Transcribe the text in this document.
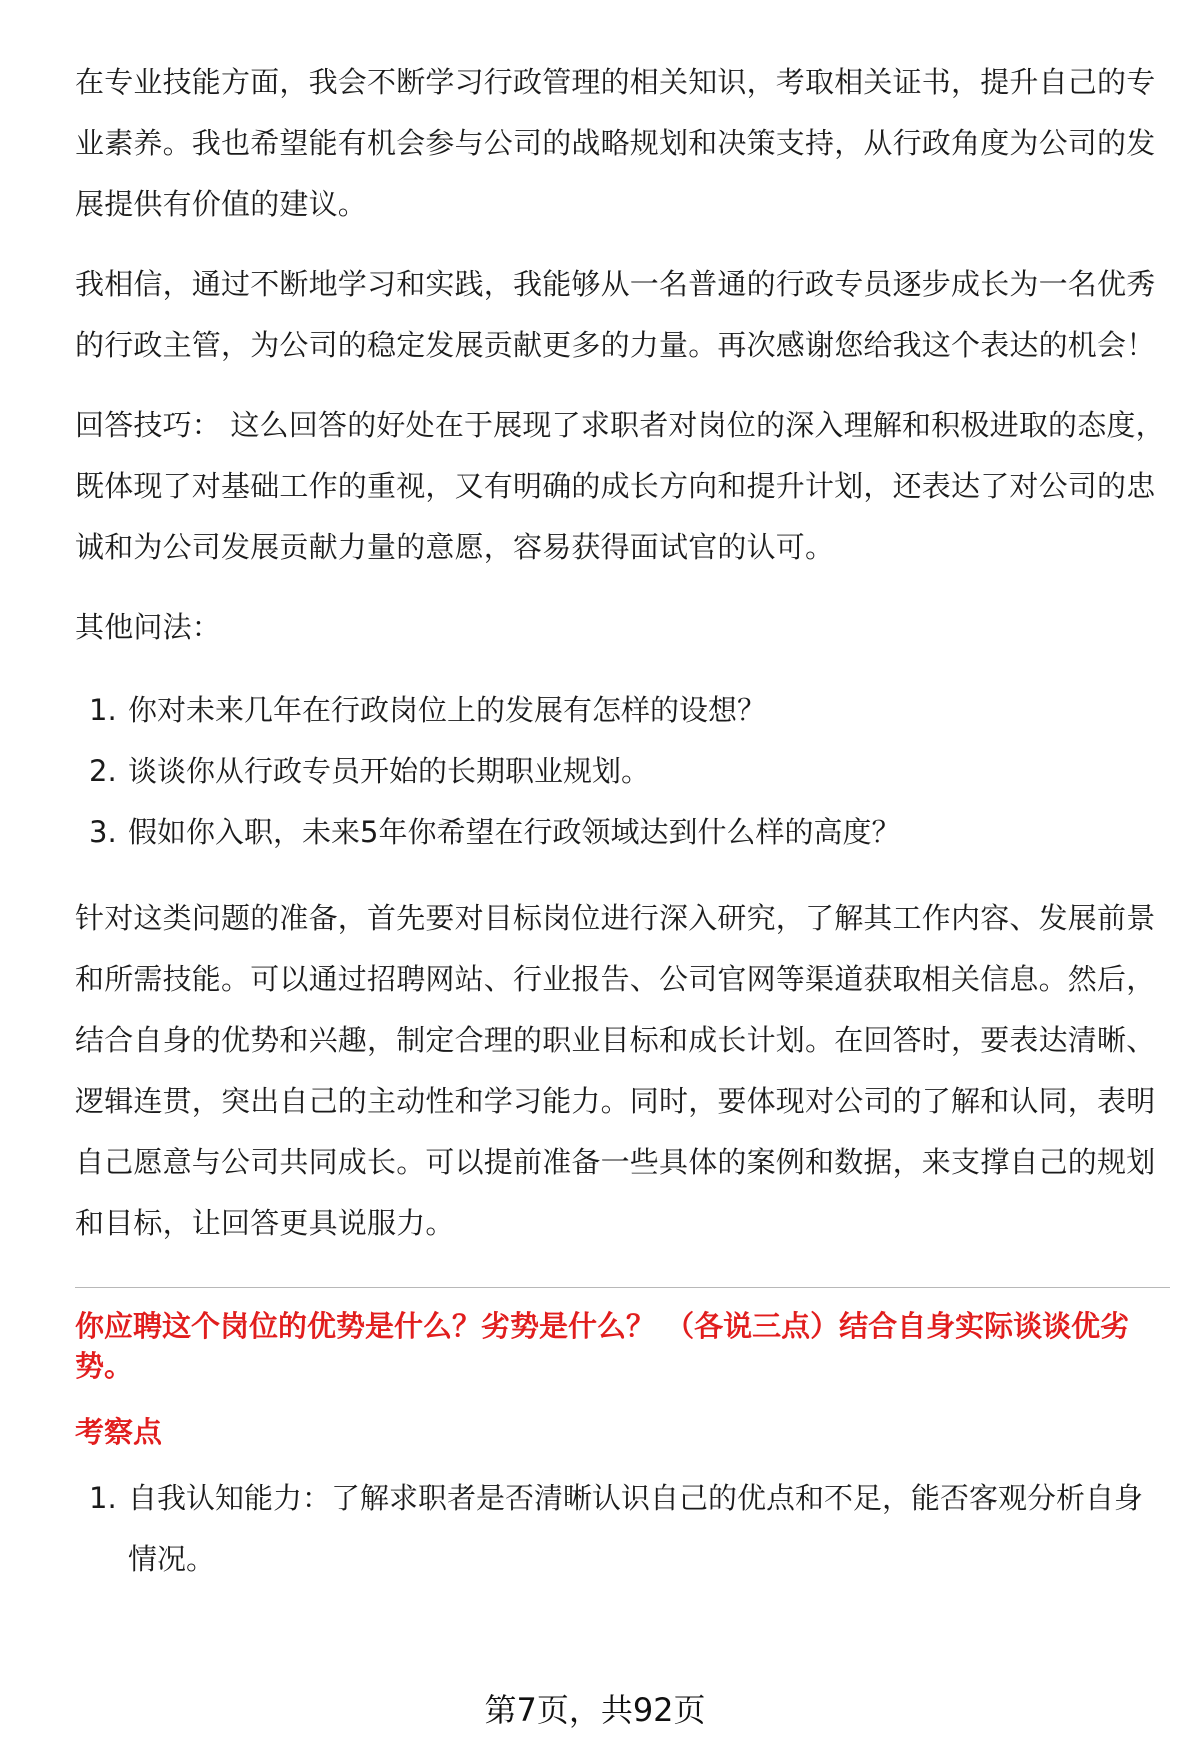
在专业技能方面，我会不断学习行政管理的相关知识，考取相关证书，提升自己的专业素养。我也希望能有机会参与公司的战略规划和决策支持，从行政角度为公司的发展提供有价值的建议。

我相信，通过不断地学习和实践，我能够从一名普通的行政专员逐步成长为一名优秀的行政主管，为公司的稳定发展贡献更多的力量。再次感谢您给我这个表达的机会！

回答技巧： 这么回答的好处在于展现了求职者对岗位的深入理解和积极进取的态度，既体现了对基础工作的重视，又有明确的成长方向和提升计划，还表达了对公司的忠诚和为公司发展贡献力量的意愿，容易获得面试官的认可。

其他问法：

1. 你对未来几年在行政岗位上的发展有怎样的设想？
2. 谈谈你从行政专员开始的长期职业规划。
3. 假如你入职，未来5年你希望在行政领域达到什么样的高度？

针对这类问题的准备，首先要对目标岗位进行深入研究，了解其工作内容、发展前景和所需技能。可以通过招聘网站、行业报告、公司官网等渠道获取相关信息。然后，结合自身的优势和兴趣，制定合理的职业目标和成长计划。在回答时，要表达清晰、逻辑连贯，突出自己的主动性和学习能力。同时，要体现对公司的了解和认同，表明自己愿意与公司共同成长。可以提前准备一些具体的案例和数据，来支撑自己的规划和目标，让回答更具说服力。

你应聘这个岗位的优势是什么？劣势是什么？ （各说三点）结合自身实际谈谈优劣势。
考察点
1. 自我认知能力：了解求职者是否清晰认识自己的优点和不足，能否客观分析自身情况。
第7页，共92页
